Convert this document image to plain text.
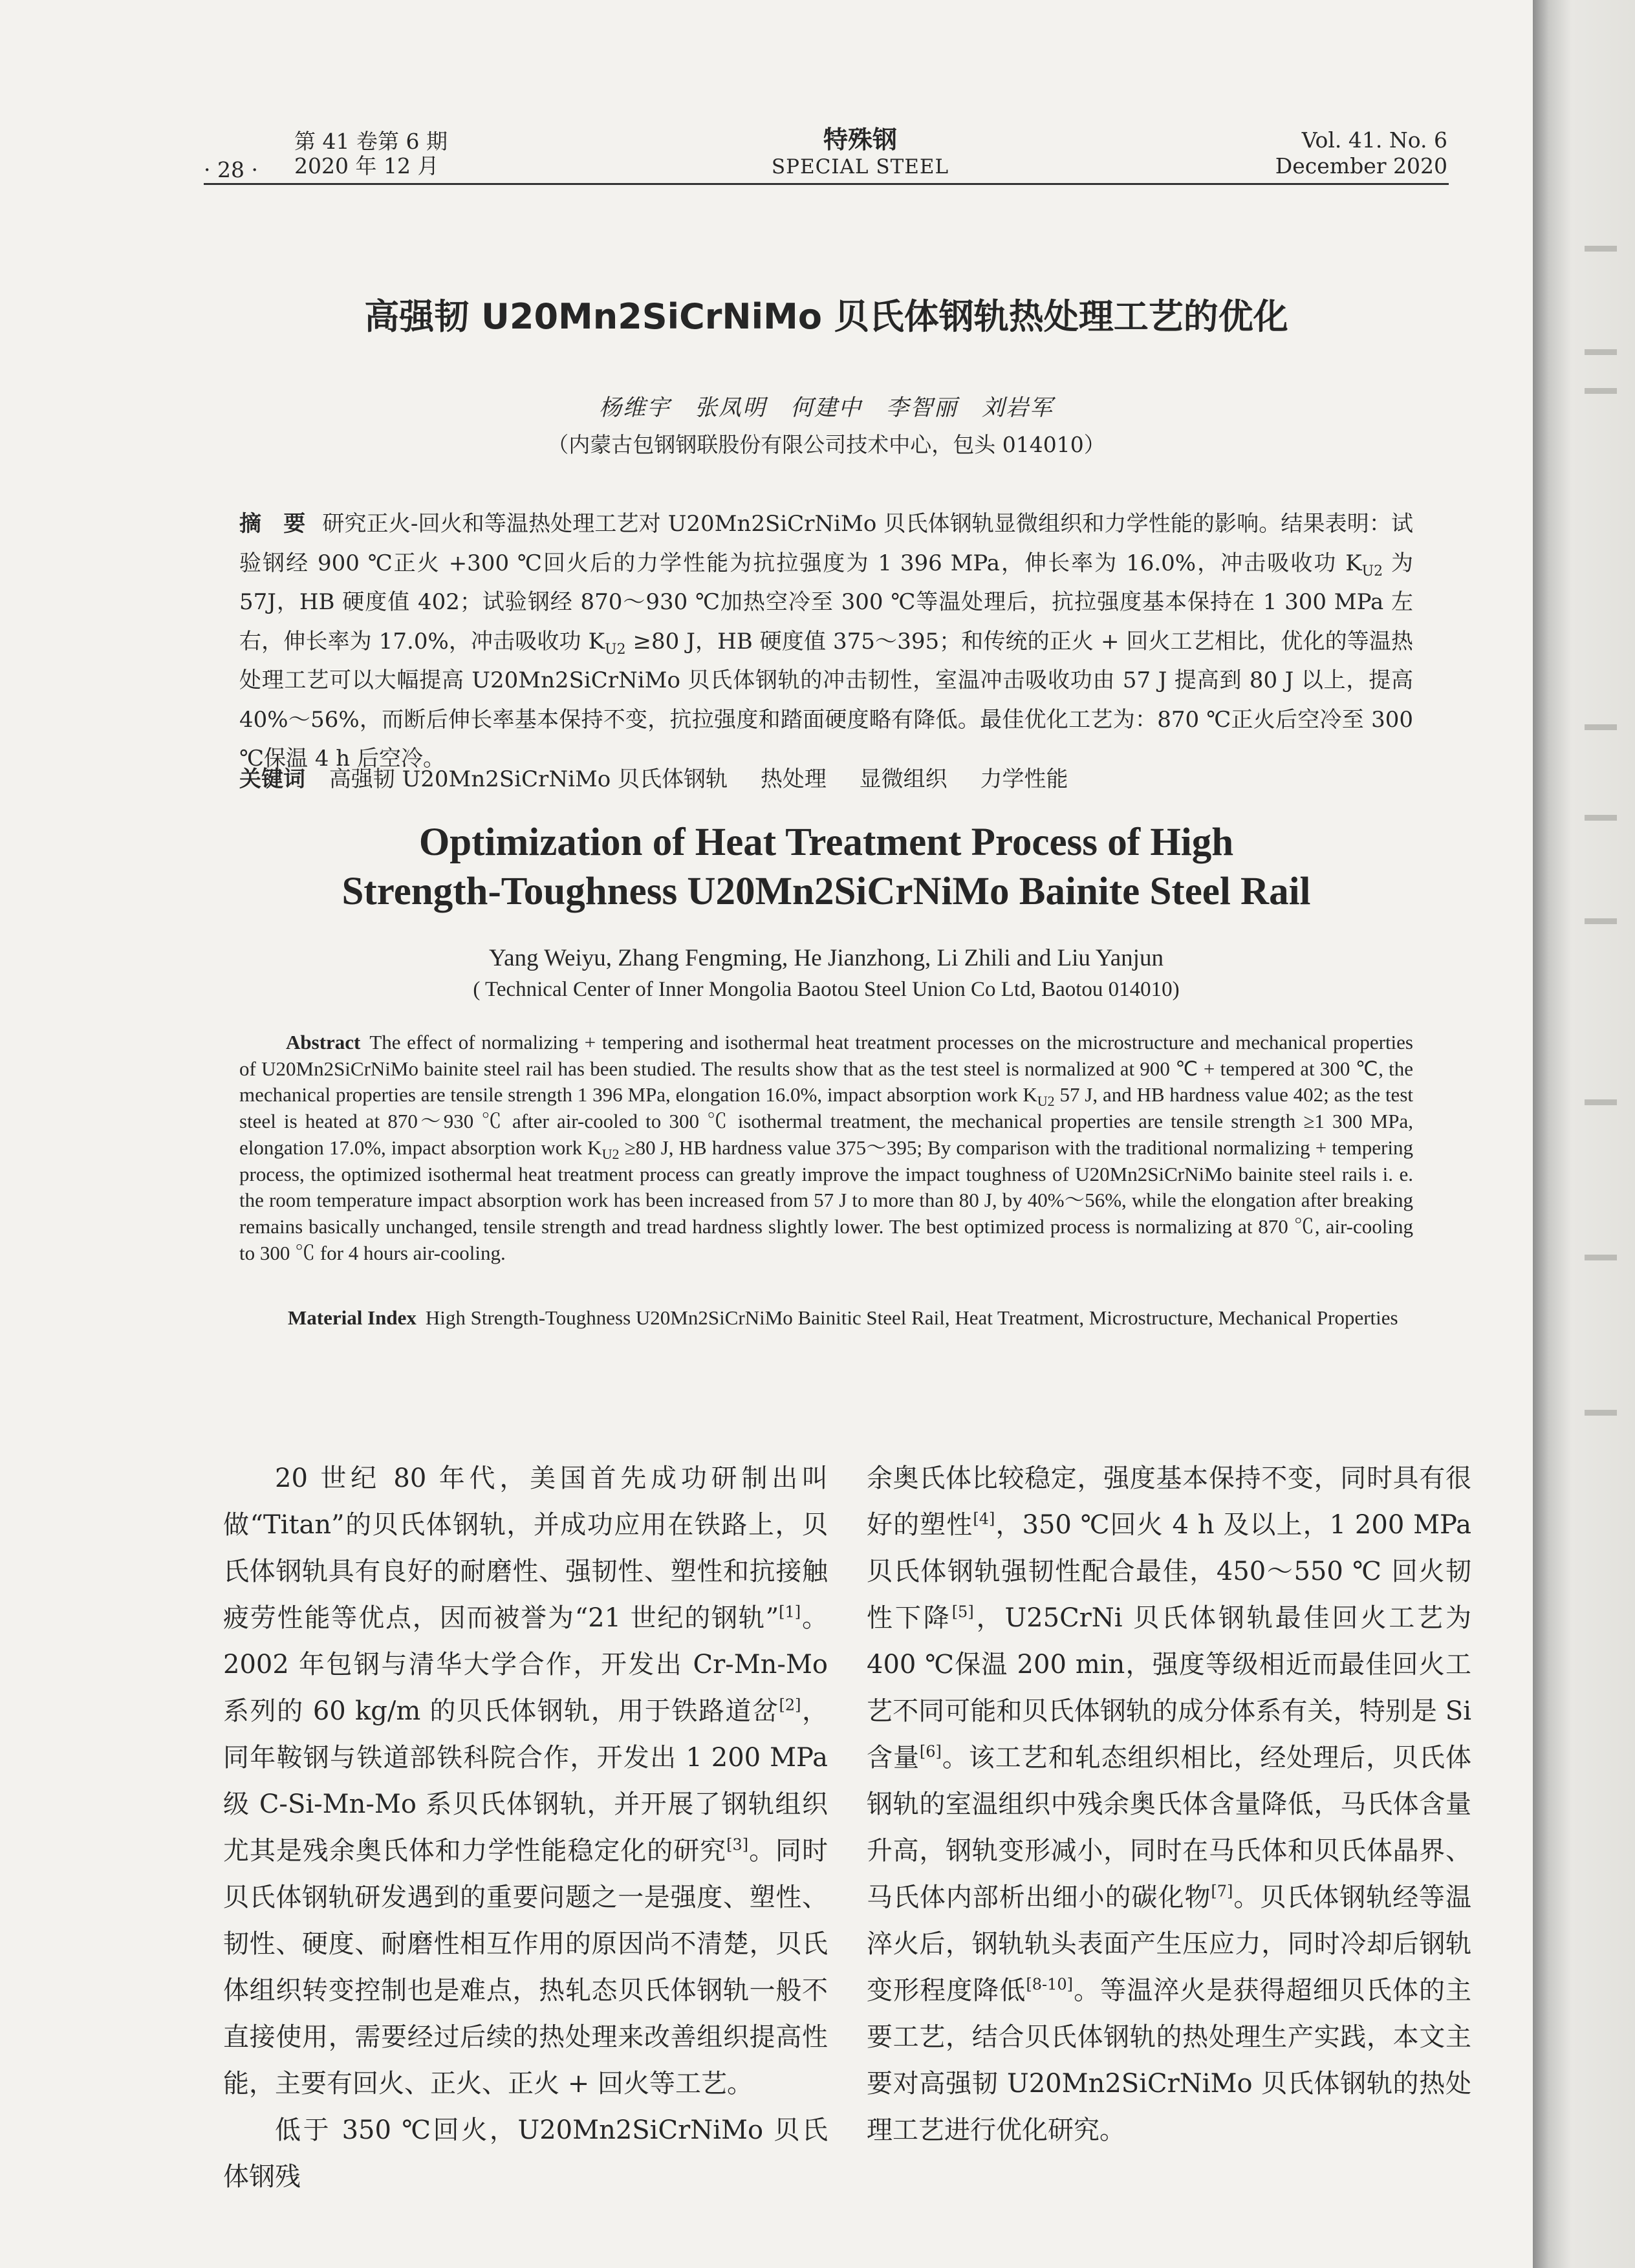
· 28 ·
第 41 卷第 6 期
2020 年 12 月
特殊钢
SPECIAL STEEL
Vol. 41. No. 6
December 2020
高强韧 U20Mn2SiCrNiMo 贝氏体钢轨热处理工艺的优化
杨维宇　张凤明　何建中　李智丽　刘岩军
（内蒙古包钢钢联股份有限公司技术中心，包头 014010）
摘　要 研究正火-回火和等温热处理工艺对 U20Mn2SiCrNiMo 贝氏体钢轨显微组织和力学性能的影响。结果表明：试验钢经 900 ℃正火 +300 ℃回火后的力学性能为抗拉强度为 1 396 MPa，伸长率为 16.0%，冲击吸收功 $K_{U2}$ 为 57J，HB 硬度值 402；试验钢经 870～930 ℃加热空冷至 300 ℃等温处理后，抗拉强度基本保持在 1 300 MPa 左右，伸长率为 17.0%，冲击吸收功 $K_{U2} \ge 80$ J，HB 硬度值 375～395；和传统的正火 + 回火工艺相比，优化的等温热处理工艺可以大幅提高 U20Mn2SiCrNiMo 贝氏体钢轨的冲击韧性，室温冲击吸收功由 57 J 提高到 80 J 以上，提高 40%～56%，而断后伸长率基本保持不变，抗拉强度和踏面硬度略有降低。最佳优化工艺为：870 ℃正火后空冷至 300 ℃保温 4 h 后空冷。
关键词 高强韧 U20Mn2SiCrNiMo 贝氏体钢轨 热处理 显微组织 力学性能
Optimization of Heat Treatment Process of High
Strength-Toughness U20Mn2SiCrNiMo Bainite Steel Rail
Yang Weiyu, Zhang Fengming, He Jianzhong, Li Zhili and Liu Yanjun
( Technical Center of Inner Mongolia Baotou Steel Union Co Ltd, Baotou 014010)
Abstract The effect of normalizing + tempering and isothermal heat treatment processes on the microstructure and mechanical properties of U20Mn2SiCrNiMo bainite steel rail has been studied. The results show that as the test steel is normalized at 900 ℃ + tempered at 300 ℃, the mechanical properties are tensile strength 1 396 MPa, elongation 16.0%, impact absorption work $K_{U2}$ 57 J, and HB hardness value 402; as the test steel is heated at 870～930 ℃ after air-cooled to 300 ℃ isothermal treatment, the mechanical properties are tensile strength ≥1 300 MPa, elongation 17.0%, impact absorption work $K_{U2} \ge 80$ J, HB hardness value 375～395; By comparison with the traditional normalizing + tempering process, the optimized isothermal heat treatment process can greatly improve the impact toughness of U20Mn2SiCrNiMo bainite steel rails i. e. the room temperature impact absorption work has been increased from 57 J to more than 80 J, by 40%～56%, while the elongation after breaking remains basically unchanged, tensile strength and tread hardness slightly lower. The best optimized process is normalizing at 870 ℃, air-cooling to 300 ℃ for 4 hours air-cooling.
Material Index High Strength-Toughness U20Mn2SiCrNiMo Bainitic Steel Rail, Heat Treatment, Microstructure, Mechanical Properties

20 世纪 80 年代，美国首先成功研制出叫做“Titan”的贝氏体钢轨，并成功应用在铁路上，贝氏体钢轨具有良好的耐磨性、强韧性、塑性和抗接触疲劳性能等优点，因而被誉为“21 世纪的钢轨”[1]。2002 年包钢与清华大学合作，开发出 Cr-Mn-Mo 系列的 60 kg/m 的贝氏体钢轨，用于铁路道岔[2]，同年鞍钢与铁道部铁科院合作，开发出 1 200 MPa 级 C-Si-Mn-Mo 系贝氏体钢轨，并开展了钢轨组织尤其是残余奥氏体和力学性能稳定化的研究[3]。同时贝氏体钢轨研发遇到的重要问题之一是强度、塑性、韧性、硬度、耐磨性相互作用的原因尚不清楚，贝氏体组织转变控制也是难点，热轧态贝氏体钢轨一般不直接使用，需要经过后续的热处理来改善组织提高性能，主要有回火、正火、正火 + 回火等工艺。

低于 350 ℃回火，U20Mn2SiCrNiMo 贝氏体钢残

余奥氏体比较稳定，强度基本保持不变，同时具有很好的塑性[4]，350 ℃回火 4 h 及以上，1 200 MPa 贝氏体钢轨强韧性配合最佳，450～550 ℃ 回火韧性下降[5]，U25CrNi 贝氏体钢轨最佳回火工艺为 400 ℃保温 200 min，强度等级相近而最佳回火工艺不同可能和贝氏体钢轨的成分体系有关，特别是 Si 含量[6]。该工艺和轧态组织相比，经处理后，贝氏体钢轨的室温组织中残余奥氏体含量降低，马氏体含量升高，钢轨变形减小，同时在马氏体和贝氏体晶界、马氏体内部析出细小的碳化物[7]。贝氏体钢轨经等温淬火后，钢轨轨头表面产生压应力，同时冷却后钢轨变形程度降低[8-10]。等温淬火是获得超细贝氏体的主要工艺，结合贝氏体钢轨的热处理生产实践，本文主要对高强韧 U20Mn2SiCrNiMo 贝氏体钢轨的热处理工艺进行优化研究。
